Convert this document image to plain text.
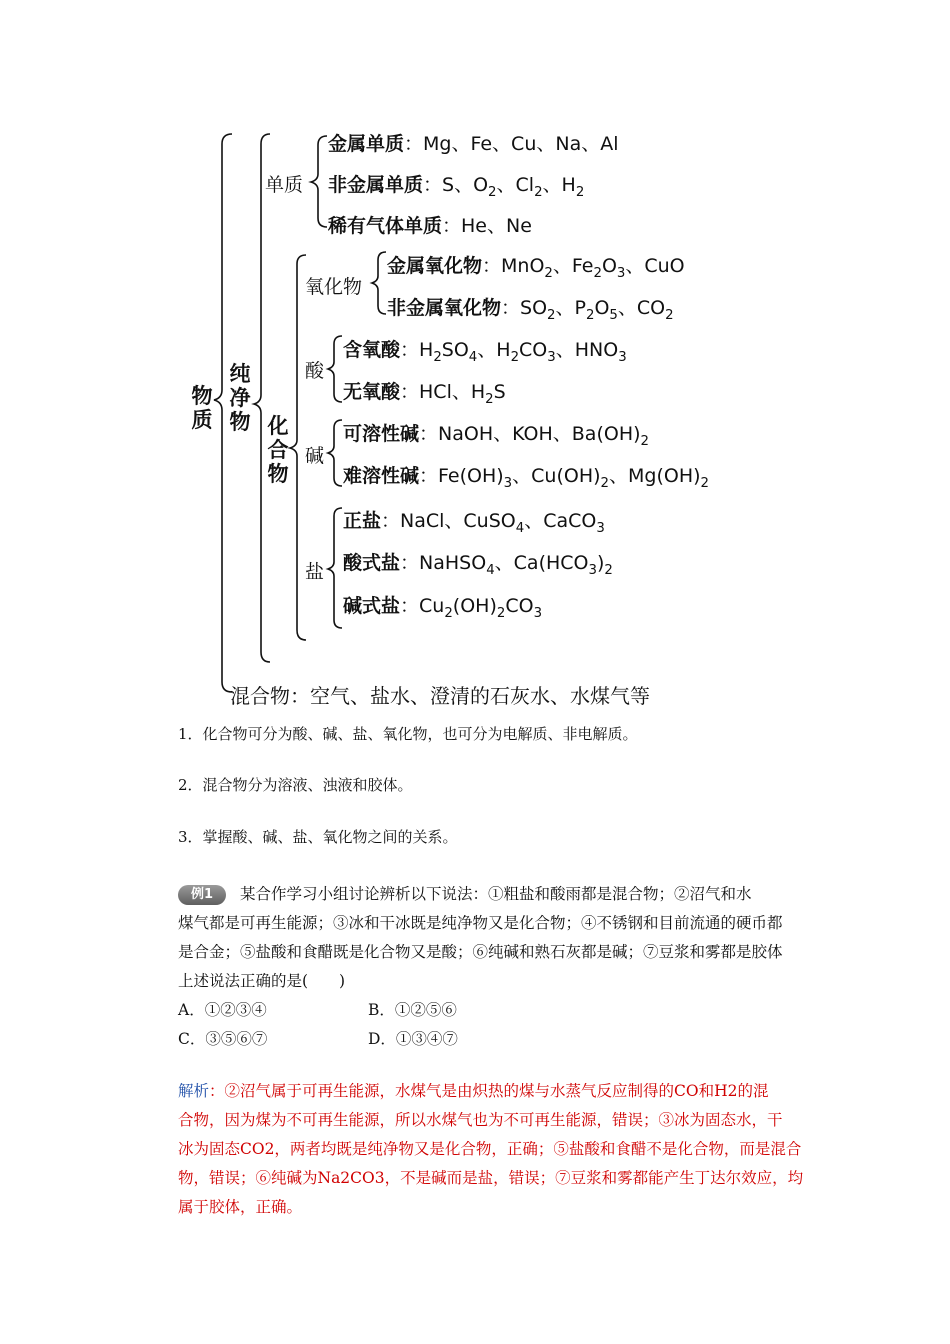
物质
纯净物 化合物
单质
金属单质：Mg、Fe、Cu、Na、Al
非金属单质：S、$O_2$、$Cl_2$、$H_2$
稀有气体单质：He、Ne
氧化物
金属氧化物：MnO$_2$、$Fe_2O_3$、CuO
非金属氧化物：$SO_2$、$P_2O_5$、$CO_2$
酸
含氧酸：$H_2SO_4$、$H_2CO_3$、$HNO_3$
无氧酸：HCl、$H_2S$
碱
可溶性碱：NaOH、KOH、$Ba(OH)_2$
难溶性碱：$Fe(OH)_3$、$Cu(OH)_2$、$Mg(OH)_2$
盐
正盐：NaCl、CuSO$_4$、CaCO$_3$
酸式盐：NaHSO$_4$、$Ca(HCO_3)_2$
碱式盐：$Cu_2(OH)_2CO_3$
混合物：空气、盐水、澄清的石灰水、水煤气等
1．化合物可分为酸、碱、盐、氧化物，也可分为电解质、非电解质。
2．混合物分为溶液、浊液和胶体。
3．掌握酸、碱、盐、氧化物之间的关系。
例1	某合作学习小组讨论辨析以下说法：①粗盐和酸雨都是混合物；②沼气和水
煤气都是可再生能源；③冰和干冰既是纯净物又是化合物；④不锈钢和目前流通的硬币都
是合金；⑤盐酸和食醋既是化合物又是酸；⑥纯碱和熟石灰都是碱；⑦豆浆和雾都是胶体
上述说法正确的是(　　)
A．①②③④	B．①②⑤⑥
C．③⑤⑥⑦	D．①③④⑦
解析：②沼气属于可再生能源，水煤气是由炽热的煤与水蒸气反应制得的CO和H2的混
合物，因为煤为不可再生能源，所以水煤气也为不可再生能源，错误；③冰为固态水，干
冰为固态CO2，两者均既是纯净物又是化合物，正确；⑤盐酸和食醋不是化合物，而是混合
物，错误；⑥纯碱为Na2CO3，不是碱而是盐，错误；⑦豆浆和雾都能产生丁达尔效应，均
属于胶体，正确。
